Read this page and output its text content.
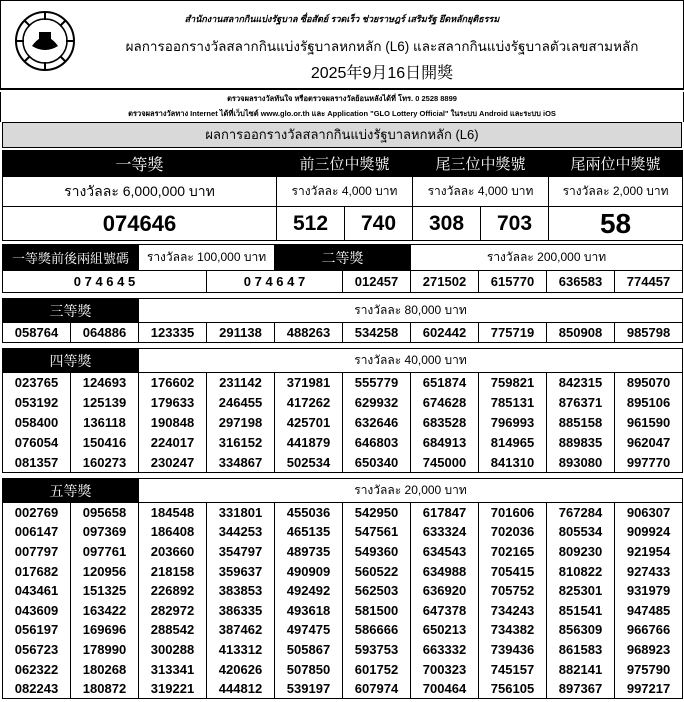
สำนักงานสลากกินแบ่งรัฐบาล ซื่อสัตย์ รวดเร็ว ช่วยราษฎร์ เสริมรัฐ ยึดหลักยุติธรรม
ผลการออกรางวัลสลากกินแบ่งรัฐบาลหกหลัก (L6) และสลากกินแบ่งรัฐบาลตัวเลขสามหลัก
2025年9月16日開獎
ตรวจผลรางวัลทันใจ หรือตรวจผลรางวัลย้อนหลังได้ที่ โทร. 0 2528 8899
ตรวจผลรางวัลทาง Internet ได้ที่เว็บไซต์ www.glo.or.th และ Application "GLO Lottery Official" ในระบบ Android และระบบ iOS
ผลการออกรางวัลสลากกินแบ่งรัฐบาลหกหลัก (L6)
一等獎	前三位中獎號		尾三位中獎號		尾兩位中獎號
รางวัลละ 6,000,000 บาท	รางวัลละ 4,000 บาท		รางวัลละ 4,000 บาท		รางวัลละ 2,000 บาท
074646	512	740	308	703	58
一等獎前後兩組號碼	รางวัลละ 100,000 บาท		二等獎		รางวัลละ 200,000 บาท			
0 7 4 6 4 5		0 7 4 6 4 7		012457	271502	615770	636583	774457
三等獎		รางวัลละ 80,000 บาท							
058764	064886	123335	291138	488263	534258	602442	775719	850908	985798
四等獎		รางวัลละ 40,000 บาท							
023765	124693	176602	231142	371981	555779	651874	759821	842315	895070
053192	125139	179633	246455	417262	629932	674628	785131	876371	895106
058400	136118	190848	297198	425701	632646	683528	796993	885158	961590
076054	150416	224017	316152	441879	646803	684913	814965	889835	962047
081357	160273	230247	334867	502534	650340	745000	841310	893080	997770
五等獎		รางวัลละ 20,000 บาท							
002769	095658	184548	331801	455036	542950	617847	701606	767284	906307
006147	097369	186408	344253	465135	547561	633324	702036	805534	909924
007797	097761	203660	354797	489735	549360	634543	702165	809230	921954
017682	120956	218158	359637	490909	560522	634988	705415	810822	927433
043461	151325	226892	383853	492492	562503	636920	705752	825301	931979
043609	163422	282972	386335	493618	581500	647378	734243	851541	947485
056197	169696	288542	387462	497475	586666	650213	734382	856309	966766
056723	178990	300288	413312	505867	593753	663332	739436	861583	968923
062322	180268	313341	420626	507850	601752	700323	745157	882141	975790
082243	180872	319221	444812	539197	607974	700464	756105	897367	997217
